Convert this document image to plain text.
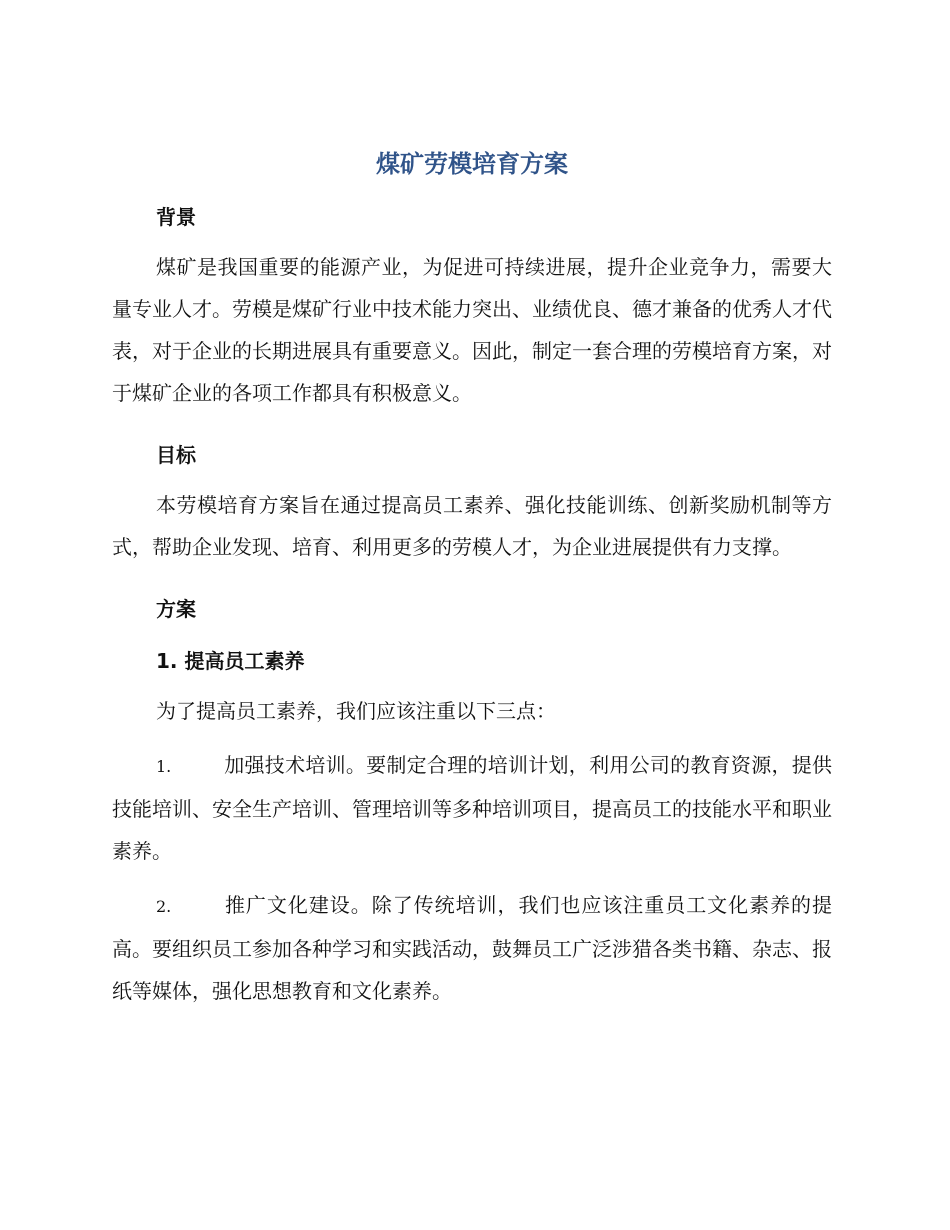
煤矿劳模培育方案
背景

煤矿是我国重要的能源产业，为促进可持续进展，提升企业竞争力，需要大量专业人才。劳模是煤矿行业中技术能力突出、业绩优良、德才兼备的优秀人才代表，对于企业的长期进展具有重要意义。因此，制定一套合理的劳模培育方案，对于煤矿企业的各项工作都具有积极意义。

目标

本劳模培育方案旨在通过提高员工素养、强化技能训练、创新奖励机制等方式，帮助企业发现、培育、利用更多的劳模人才，为企业进展提供有力支撑。

方案
1. 提高员工素养

为了提高员工素养，我们应该注重以下三点：

1.	加强技术培训。要制定合理的培训计划，利用公司的教育资源，提供技能培训、安全生产培训、管理培训等多种培训项目，提高员工的技能水平和职业素养。

2.	推广文化建设。除了传统培训，我们也应该注重员工文化素养的提高。要组织员工参加各种学习和实践活动，鼓舞员工广泛涉猎各类书籍、杂志、报纸等媒体，强化思想教育和文化素养。
